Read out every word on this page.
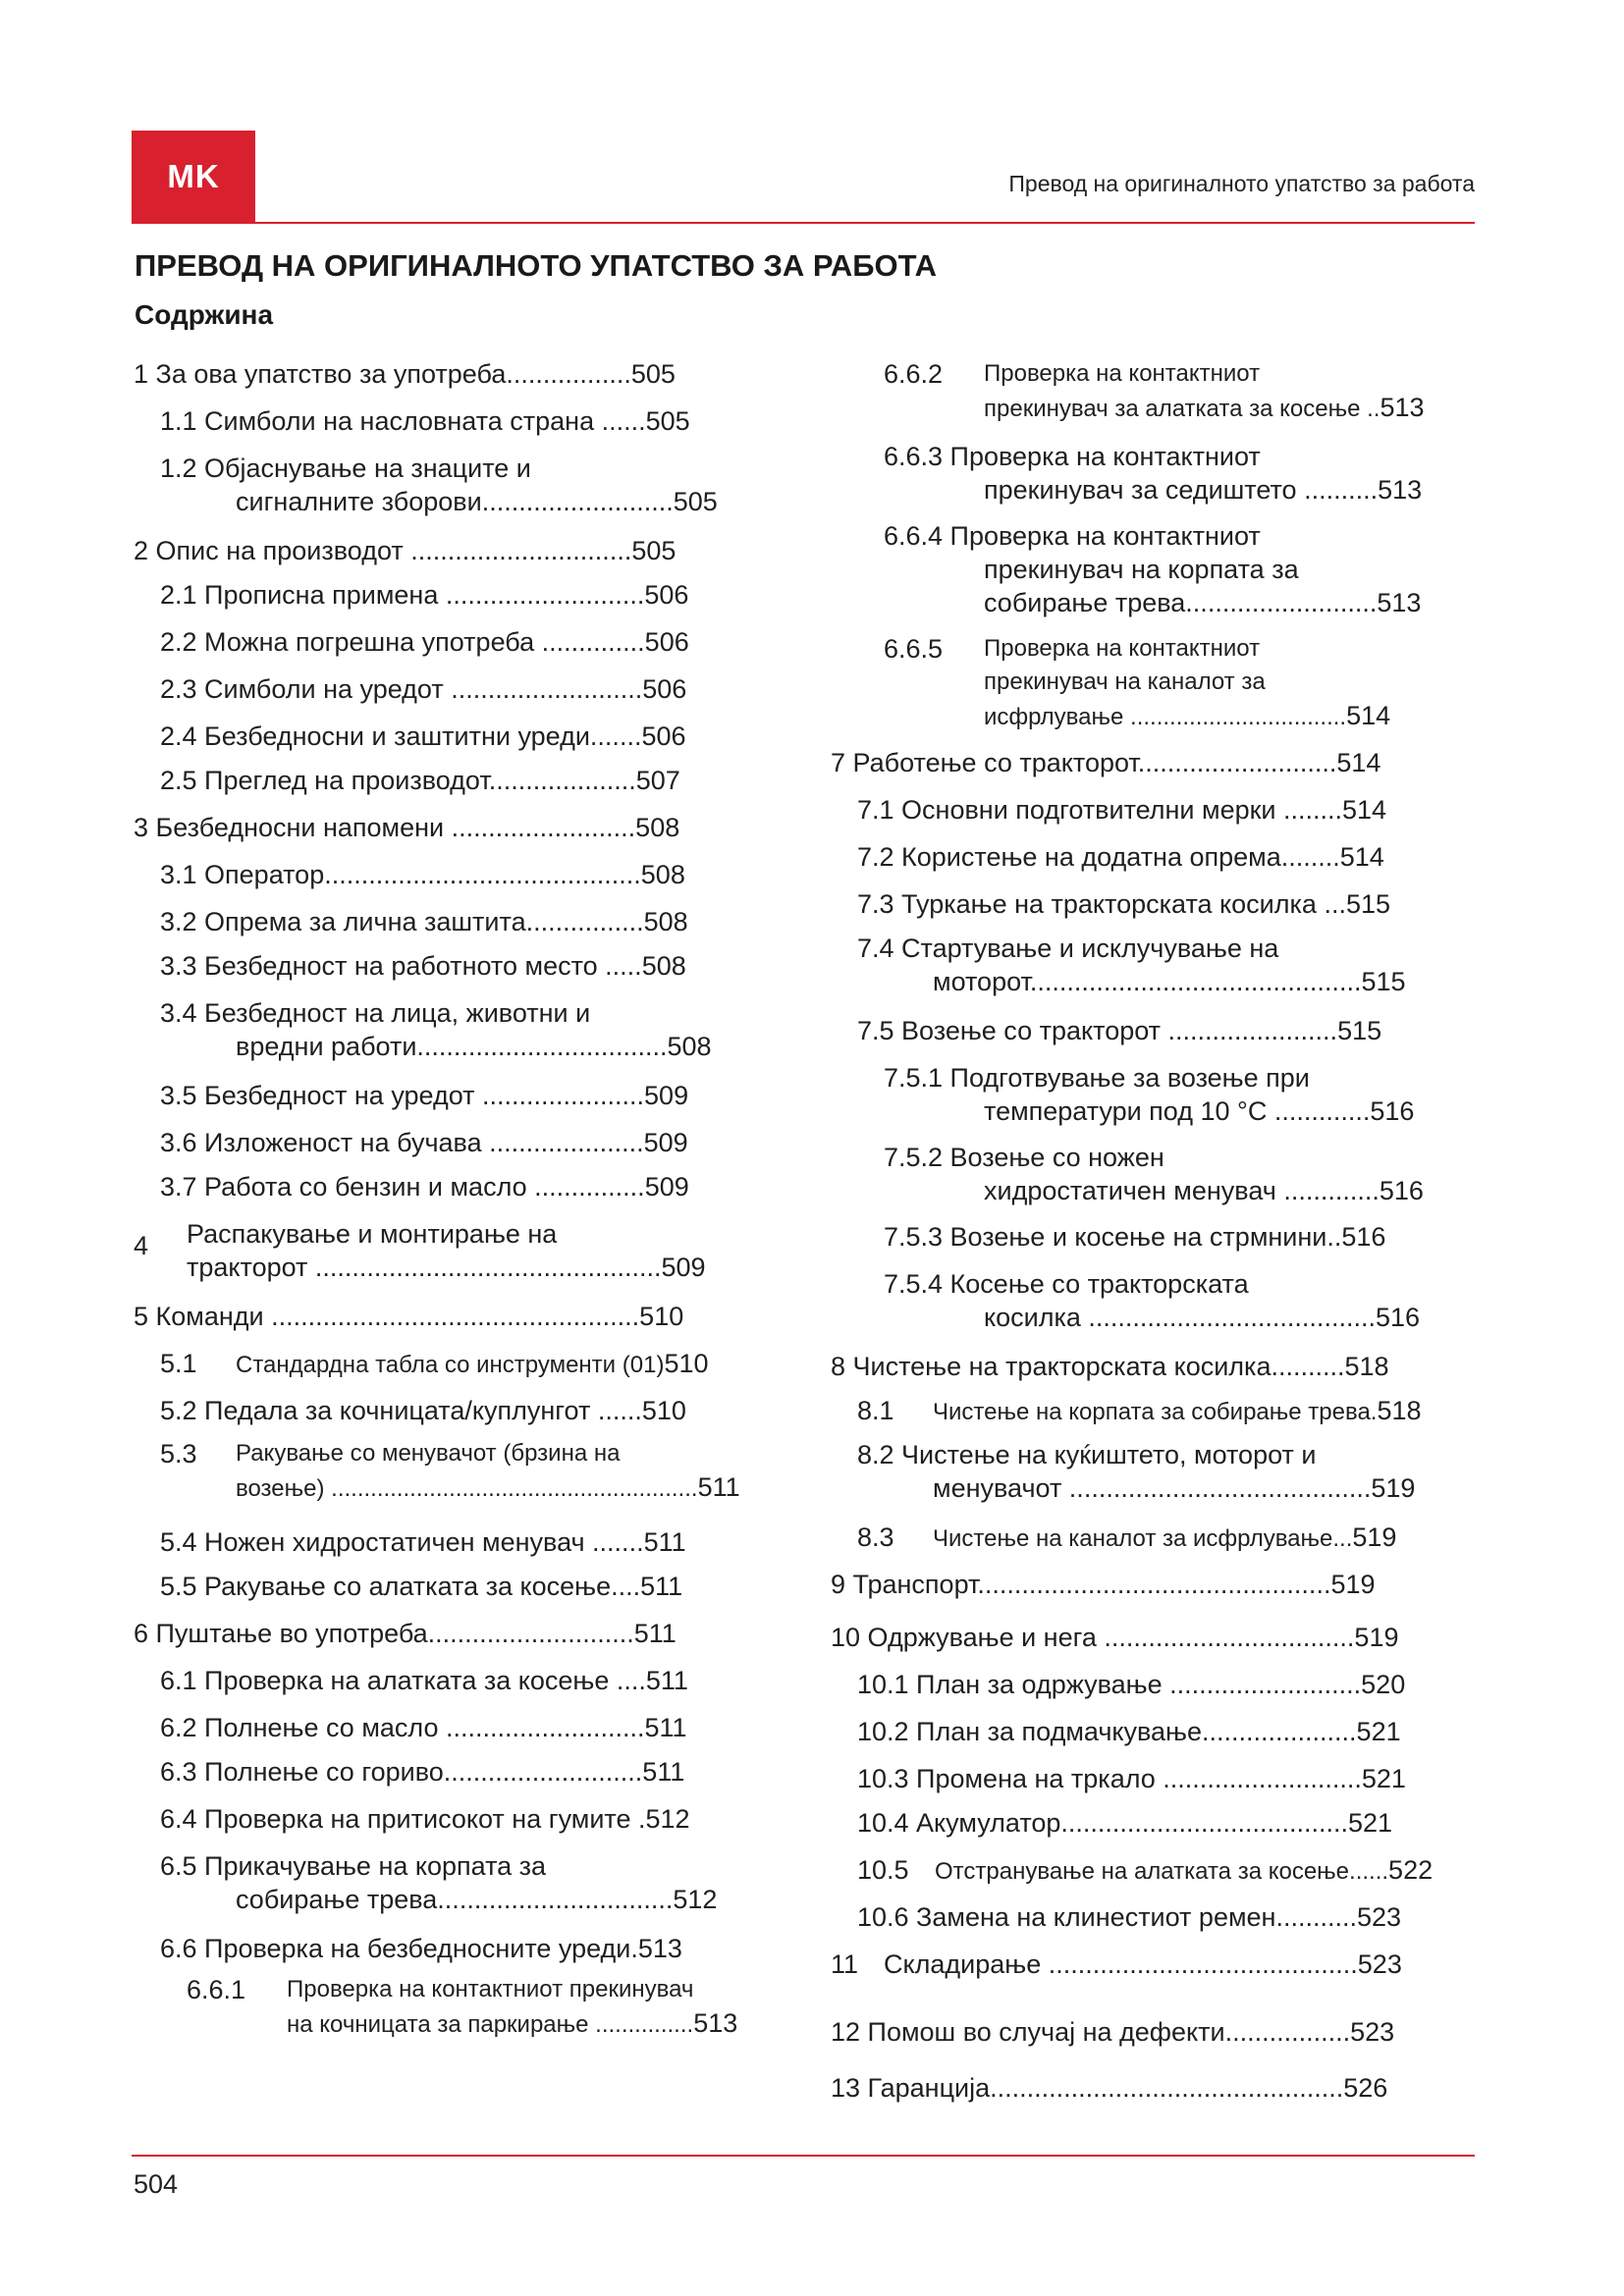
MK	Превод на оригиналното упатство за работа
ПРЕВОД НА ОРИГИНАЛНОТО УПАТСТВО ЗА РАБОТА
Содржина
1 За ова упатство за употреба.................505
1.1 Симболи на насловната страна ......505
1.2 Објаснување на знаците и
сигналните зборови..........................505
2 Опис на производот ..............................505
2.1 Прописна примена ...........................506
2.2 Можна погрешна употреба ..............506
2.3 Симболи на уредот ..........................506
2.4 Безбедносни и заштитни уреди.......506
2.5 Преглед на производот....................507
3 Безбедносни напомени .........................508
3.1 Оператор...........................................508
3.2 Опрема за лична заштита................508
3.3 Безбедност на работното место .....508
3.4 Безбедност на лица, животни и
вредни работи..................................508
3.5 Безбедност на уредот ......................509
3.6 Изложеност на бучава .....................509
3.7 Работа со бензин и масло ...............509
4 Распакување и монтирање на
тракторот ...............................................509
5 Команди ..................................................510
5.1 Стандардна табла со инструменти (01)510
5.2 Педала за кочницата/куплунгот ......510
5.3 Ракување со менувачот (брзина на
возење) ........................................................511
5.4 Ножен хидростатичен менувач .......511
5.5 Ракување со алатката за косење....511
6 Пуштање во употреба............................511
6.1 Проверка на алатката за косење ....511
6.2 Полнење со масло ...........................511
6.3 Полнење со гориво...........................511
6.4 Проверка на притисокот на гумите .512
6.5 Прикачување на корпата за
собирање трева................................512
6.6 Проверка на безбедносните уреди.513
6.6.1 Проверка на контактниот прекинувач
на кочницата за паркирање ...............513
6.6.2 Проверка на контактниот
прекинувач за алатката за косење ..513
6.6.3 Проверка на контактниот
прекинувач за седиштето ..........513
6.6.4 Проверка на контактниот
прекинувач на корпата за
собирање трева..........................513
6.6.5 Проверка на контактниот
прекинувач на каналот за
исфрлување .................................514
7 Работење со тракторот...........................514
7.1 Основни подготвителни мерки ........514
7.2 Користење на додатна опрема........514
7.3 Туркање на тракторската косилка ...515
7.4 Стартување и исклучување на
моторот.............................................515
7.5 Возење со тракторот .......................515
7.5.1 Подготвување за возење при
температури под 10 °C .............516
7.5.2 Возење со ножен
хидростатичен менувач .............516
7.5.3 Возење и косење на стрмнини..516
7.5.4 Косење со тракторската
косилка .......................................516
8 Чистење на тракторската косилка..........518
8.1 Чистење на корпата за собирање трева.518
8.2 Чистење на куќиштето, моторот и
менувачот .........................................519
8.3 Чистење на каналот за исфрлување...519
9 Транспорт................................................519
10 Одржување и нега ..................................519
10.1 План за одржување ..........................520
10.2 План за подмачкување.....................521
10.3 Промена на тркало ...........................521
10.4 Акумулатор.......................................521
10.5 Отстранување на алатката за косење......522
10.6 Замена на клинестиот ремен...........523
11 Складирање ..........................................523
12 Помош во случај на дефекти.................523
13 Гаранција................................................526
504
